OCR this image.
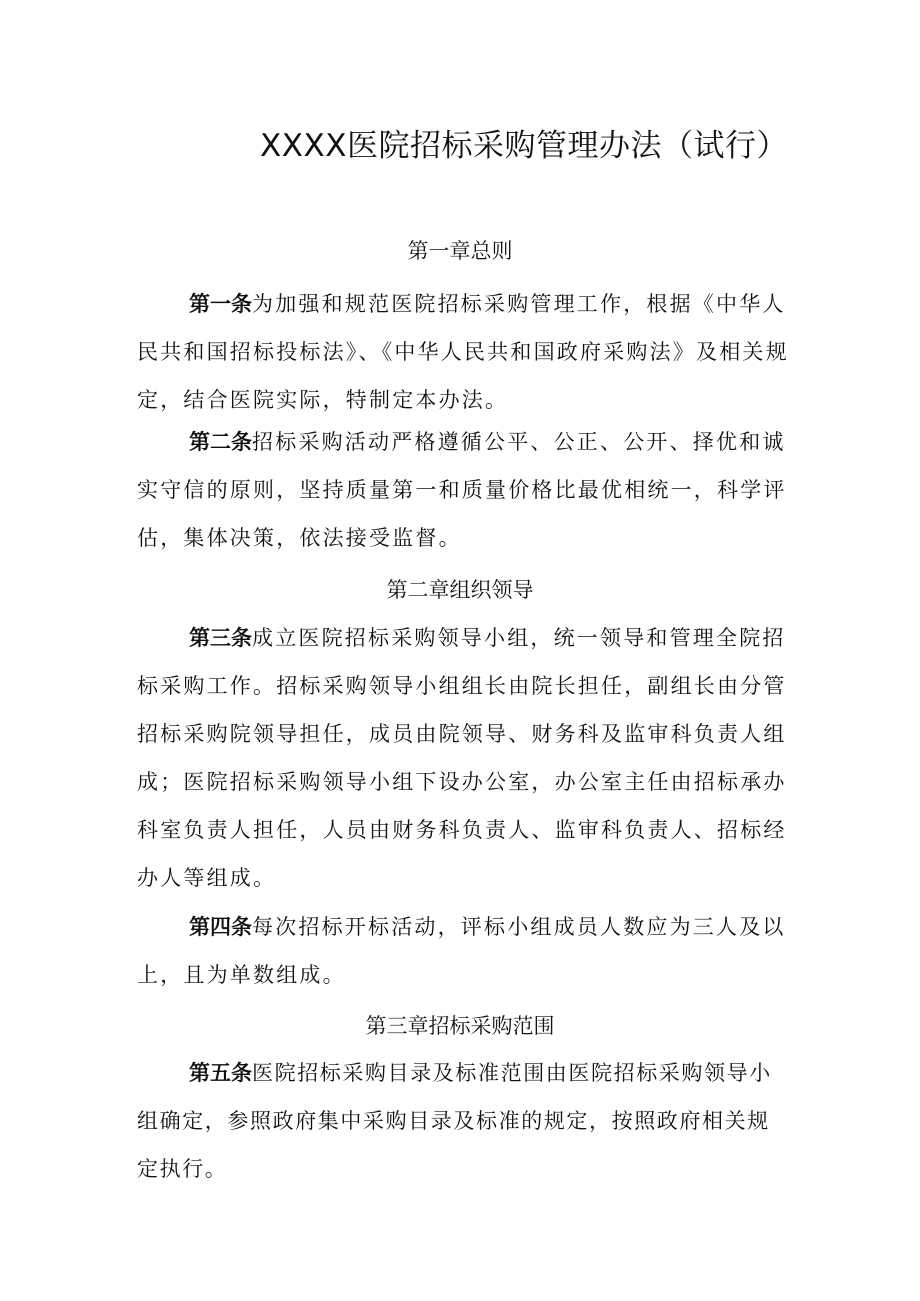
XXXX医院招标采购管理办法（试行）
第一章总则

第一条为加强和规范医院招标采购管理工作，根据《中华人民共和国招标投标法》、《中华人民共和国政府采购法》及相关规定，结合医院实际，特制定本办法。

第二条招标采购活动严格遵循公平、公正、公开、择优和诚实守信的原则，坚持质量第一和质量价格比最优相统一，科学评估，集体决策，依法接受监督。

第二章组织领导

第三条成立医院招标采购领导小组，统一领导和管理全院招标采购工作。招标采购领导小组组长由院长担任，副组长由分管招标采购院领导担任，成员由院领导、财务科及监审科负责人组成；医院招标采购领导小组下设办公室，办公室主任由招标承办科室负责人担任，人员由财务科负责人、监审科负责人、招标经办人等组成。

第四条每次招标开标活动，评标小组成员人数应为三人及以上，且为单数组成。

第三章招标采购范围

第五条医院招标采购目录及标准范围由医院招标采购领导小组确定，参照政府集中采购目录及标准的规定，按照政府相关规定执行。
